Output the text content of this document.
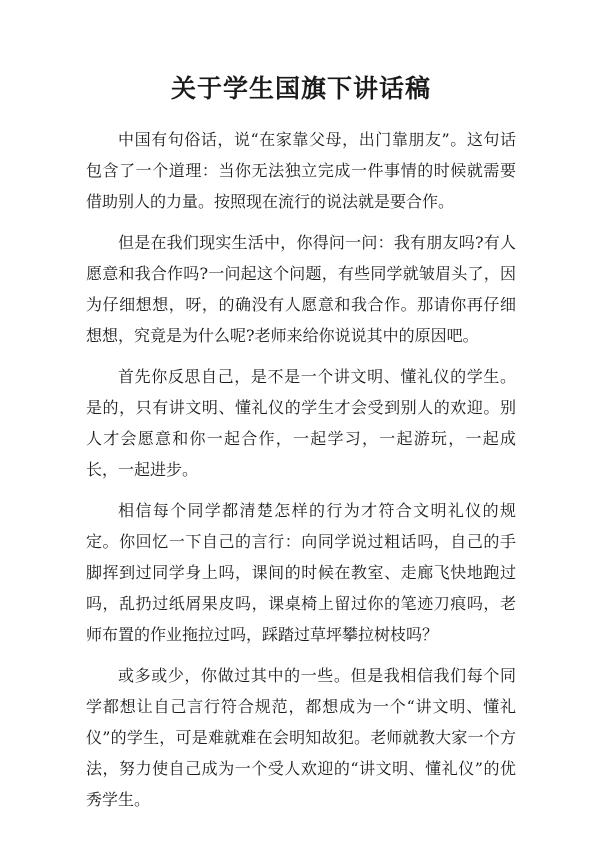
关于学生国旗下讲话稿

中国有句俗话，说“在家靠父母，出门靠朋友”。这句话包含了一个道理：当你无法独立完成一件事情的时候就需要借助别人的力量。按照现在流行的说法就是要合作。

但是在我们现实生活中，你得问一问：我有朋友吗?有人愿意和我合作吗?一问起这个问题，有些同学就皱眉头了，因为仔细想想，呀，的确没有人愿意和我合作。那请你再仔细想想，究竟是为什么呢?老师来给你说说其中的原因吧。

首先你反思自己，是不是一个讲文明、懂礼仪的学生。是的，只有讲文明、懂礼仪的学生才会受到别人的欢迎。别人才会愿意和你一起合作，一起学习，一起游玩，一起成长，一起进步。

相信每个同学都清楚怎样的行为才符合文明礼仪的规定。你回忆一下自己的言行：向同学说过粗话吗，自己的手脚挥到过同学身上吗，课间的时候在教室、走廊飞快地跑过吗，乱扔过纸屑果皮吗，课桌椅上留过你的笔迹刀痕吗，老师布置的作业拖拉过吗，踩踏过草坪攀拉树枝吗？

或多或少，你做过其中的一些。但是我相信我们每个同学都想让自己言行符合规范，都想成为一个“讲文明、懂礼仪”的学生，可是难就难在会明知故犯。老师就教大家一个方法，努力使自己成为一个受人欢迎的“讲文明、懂礼仪”的优秀学生。
